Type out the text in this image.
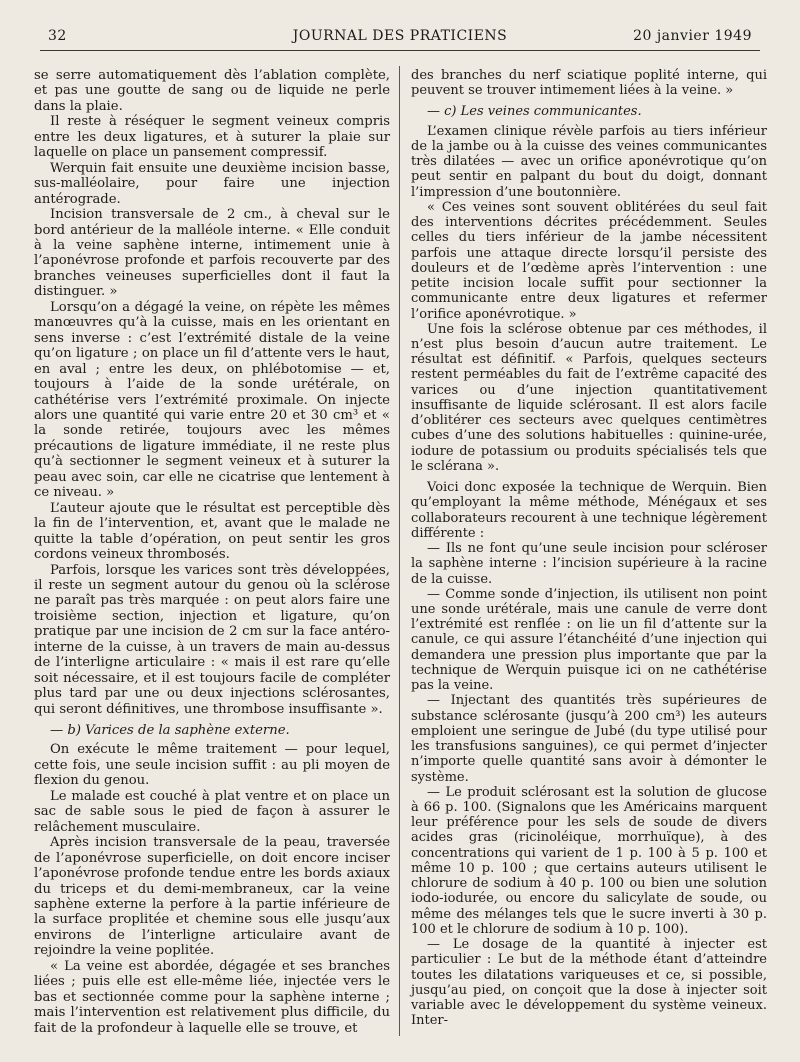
32	JOURNAL DES PRATICIENS	20 janvier 1949

se serre automatiquement dès l’ablation complète, et pas une goutte de sang ou de liquide ne perle dans la plaie.

Il reste à réséquer le segment veineux compris entre les deux ligatures, et à suturer la plaie sur laquelle on place un pansement compressif.

Werquin fait ensuite une deuxième incision basse, sus-malléolaire, pour faire une injection antérograde.

Incision transversale de 2 cm., à cheval sur le bord antérieur de la malléole interne. « Elle conduit à la veine saphène interne, intimement unie à l’aponévrose profonde et parfois recouverte par des branches veineuses superficielles dont il faut la distinguer. »

Lorsqu’on a dégagé la veine, on répète les mêmes manœuvres qu’à la cuisse, mais en les orientant en sens inverse : c’est l’extrémité distale de la veine qu’on ligature ; on place un fil d’attente vers le haut, en aval ; entre les deux, on phlébotomise — et, toujours à l’aide de la sonde urétérale, on cathétérise vers l’extrémité proximale. On injecte alors une quantité qui varie entre 20 et 30 cm³ et « la sonde retirée, toujours avec les mêmes précautions de ligature immédiate, il ne reste plus qu’à sectionner le segment veineux et à suturer la peau avec soin, car elle ne cicatrise que lentement à ce niveau. »

L’auteur ajoute que le résultat est perceptible dès la fin de l’intervention, et, avant que le malade ne quitte la table d’opération, on peut sentir les gros cordons veineux thrombosés.

Parfois, lorsque les varices sont très développées, il reste un segment autour du genou où la sclérose ne paraît pas très marquée : on peut alors faire une troisième section, injection et ligature, qu’on pratique par une incision de 2 cm sur la face antéro-interne de la cuisse, à un travers de main au-dessus de l’interligne articulaire : « mais il est rare qu’elle soit nécessaire, et il est toujours facile de compléter plus tard par une ou deux injections sclérosantes, qui seront définitives, une thrombose insuffisante ».

— b) Varices de la saphène externe.

On exécute le même traitement — pour lequel, cette fois, une seule incision suffit : au pli moyen de flexion du genou.

Le malade est couché à plat ventre et on place un sac de sable sous le pied de façon à assurer le relâchement musculaire.

Après incision transversale de la peau, traversée de l’aponévrose superficielle, on doit encore inciser l’aponévrose profonde tendue entre les bords axiaux du triceps et du demi-membraneux, car la veine saphène externe la perfore à la partie inférieure de la surface proplitée et chemine sous elle jusqu’aux environs de l’interligne articulaire avant de rejoindre la veine poplitée.

« La veine est abordée, dégagée et ses branches liées ; puis elle est elle-même liée, injectée vers le bas et sectionnée comme pour la saphène interne ; mais l’intervention est relativement plus difficile, du fait de la profondeur à laquelle elle se trouve, et

des branches du nerf sciatique poplité interne, qui peuvent se trouver intimement liées à la veine. »

— c) Les veines communicantes.

L’examen clinique révèle parfois au tiers inférieur de la jambe ou à la cuisse des veines communicantes très dilatées — avec un orifice aponévrotique qu’on peut sentir en palpant du bout du doigt, donnant l’impression d’une boutonnière.

« Ces veines sont souvent oblitérées du seul fait des interventions décrites précédemment. Seules celles du tiers inférieur de la jambe nécessitent parfois une attaque directe lorsqu’il persiste des douleurs et de l’œdème après l’intervention : une petite incision locale suffit pour sectionner la communicante entre deux ligatures et refermer l’orifice aponévrotique. »

Une fois la sclérose obtenue par ces méthodes, il n’est plus besoin d’aucun autre traitement. Le résultat est définitif. « Parfois, quelques secteurs restent perméables du fait de l’extrême capacité des varices ou d’une injection quantitativement insuffisante de liquide sclérosant. Il est alors facile d’oblitérer ces secteurs avec quelques centimètres cubes d’une des solutions habituelles : quinine-urée, iodure de potassium ou produits spécialisés tels que le scléranа ».

Voici donc exposée la technique de Werquin. Bien qu’employant la même méthode, Ménégaux et ses collaborateurs recourent à une technique légèrement différente :

— Ils ne font qu’une seule incision pour scléroser la saphène interne : l’incision supérieure à la racine de la cuisse.

— Comme sonde d’injection, ils utilisent non point une sonde urétérale, mais une canule de verre dont l’extrémité est renflée : on lie un fil d’attente sur la canule, ce qui assure l’étanchéité d’une injection qui demandera une pression plus importante que par la technique de Werquin puisque ici on ne cathétérise pas la veine.

— Injectant des quantités très supérieures de substance sclérosante (jusqu’à 200 cm³) les auteurs emploient une seringue de Jubé (du type utilisé pour les transfusions sanguines), ce qui permet d’injecter n’importe quelle quantité sans avoir à démonter le système.

— Le produit sclérosant est la solution de glucose à 66 p. 100. (Signalons que les Américains marquent leur préférence pour les sels de soude de divers acides gras (ricinoléique, morrhuïque), à des concentrations qui varient de 1 p. 100 à 5 p. 100 et même 10 p. 100 ; que certains auteurs utilisent le chlorure de sodium à 40 p. 100 ou bien une solution iodo-iodurée, ou encore du salicylate de soude, ou même des mélanges tels que le sucre inverti à 30 p. 100 et le chlorure de sodium à 10 p. 100).

— Le dosage de la quantité à injecter est particulier : Le but de la méthode étant d’atteindre toutes les dilatations variqueuses et ce, si possible, jusqu’au pied, on conçoit que la dose à injecter soit variable avec le développement du système veineux. Inter-
